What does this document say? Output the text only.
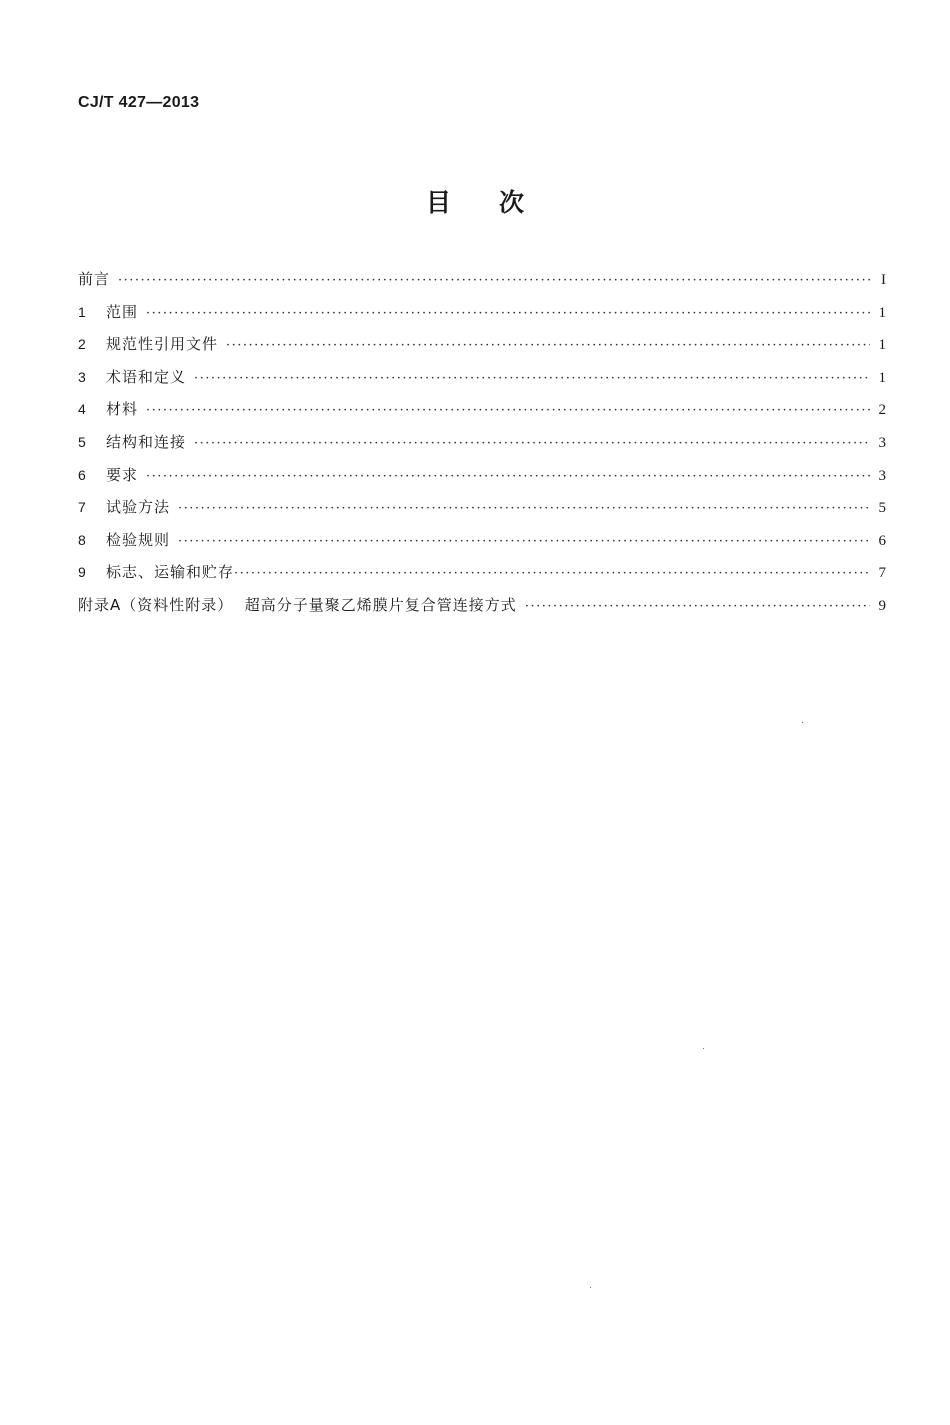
CJ/T 427—2013
目次
前言 ·····	I
1	范围 ·····	1
2	规范性引用文件 ·····	1
3	术语和定义 ·····	1
4	材料 ·····	2
5	结构和连接 ·····	3
6	要求 ·····	3
7	试验方法 ·····	5
8	检验规则 ·····	6
9	标志、运输和贮存 ·····	7
附录A（资料性附录）  超高分子量聚乙烯膜片复合管连接方式 ·····	9
